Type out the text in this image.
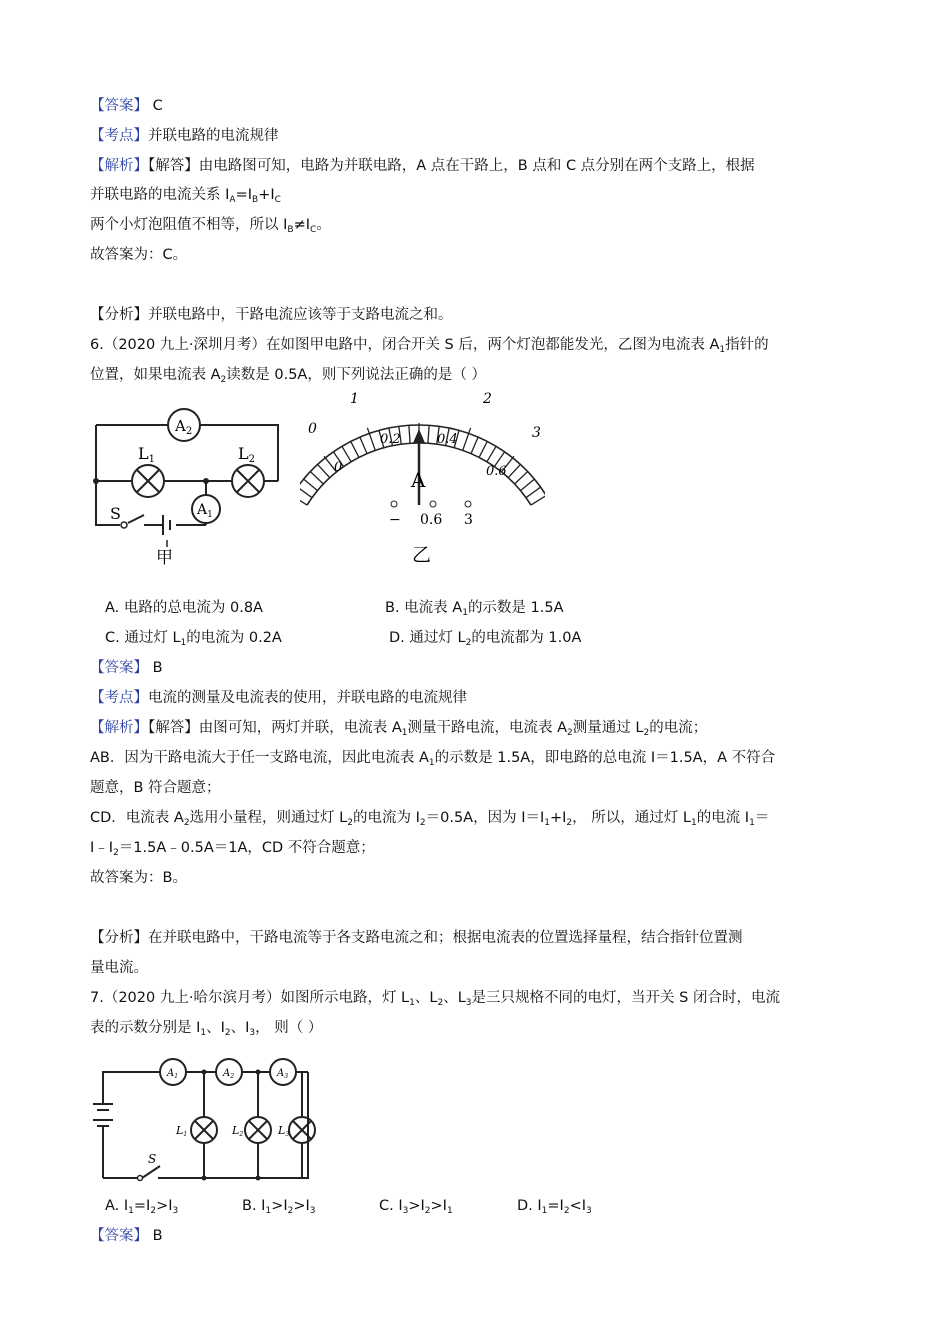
【答案】 C
【考点】并联电路的电流规律
【解析】【解答】由电路图可知，电路为并联电路，A 点在干路上，B 点和 C 点分别在两个支路上，根据
并联电路的电流关系 $I_A=I_B+I_C$
两个小灯泡阻值不相等，所以 $I_B\ne I_C$。
故答案为：C。
【分析】并联电路中，干路电流应该等于支路电流之和。
6.（2020 九上·深圳月考）在如图甲电路中，闭合开关 S 后，两个灯泡都能发光，乙图为电流表 $A_1$指针的
位置，如果电流表 $A_2$读数是 0.5A，则下列说法正确的是（ ）
$A_2$
$A_1$
L1	L2
S
甲
0
1	2
3
0
0.2	0.4
0.6
A
− 0.6 3
乙
A. 电路的总电流为 0.8A	B. 电流表 $A_1$的示数是 1.5A
C. 通过灯 $L_1$的电流为 0.2A	D. 通过灯 $L_2$的电流都为 1.0A
【答案】 B
【考点】电流的测量及电流表的使用，并联电路的电流规律
【解析】【解答】由图可知，两灯并联，电流表 $A_1$测量干路电流，电流表 $A_2$测量通过 $L_2$的电流；
AB．因为干路电流大于任一支路电流，因此电流表 $A_1$的示数是 1.5A，即电路的总电流 I＝1.5A，A 不符合
题意，B 符合题意；
CD．电流表 $A_2$选用小量程，则通过灯 $L_2$的电流为 $I_2=0.5A$，因为 $I=I_1+I_2$， 所以，通过灯 $L_1$的电流 $I_1=$
$I﹣I_2=1.5A﹣0.5A=1A$，CD 不符合题意；
故答案为：B。
【分析】在并联电路中，干路电流等于各支路电流之和；根据电流表的位置选择量程，结合指针位置测
量电流。
7.（2020 九上·哈尔滨月考）如图所示电路，灯 $L_1$、$L_2$、$L_3$是三只规格不同的电灯，当开关 S 闭合时，电流
表的示数分别是 $I_1$、$I_2$、$I_3$， 则（ ）
$A_1$	$A_2$	$A_3$
L1	L2	L3
S
A. $I_1=I_2>I_3$	B. $I_1>I_2>I_3$	C. $I_3>I_2>I_1$	D. $I_1=I_2<I_3$
【答案】 B
